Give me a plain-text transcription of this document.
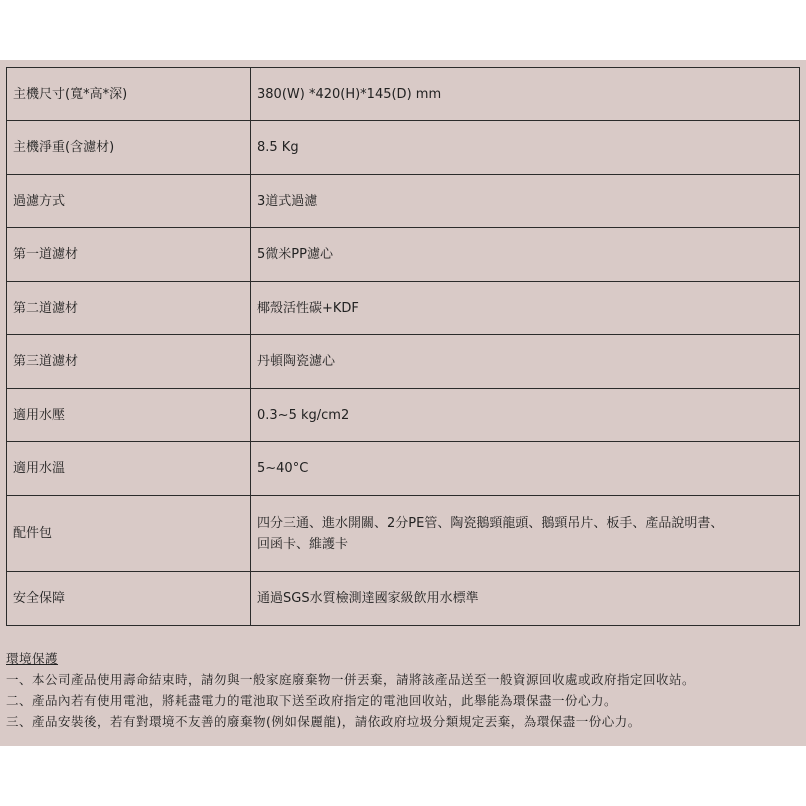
主機尺寸(寬*高*深)	380(W) *420(H)*145(D) mm
主機淨重(含濾材)	8.5 Kg
過濾方式	3道式過濾
第一道濾材	5微米PP濾心
第二道濾材	椰殼活性碳+KDF
第三道濾材	丹頓陶瓷濾心
適用水壓	0.3~5 kg/cm2
適用水溫	5~40°C
配件包	四分三通、進水開關、2分PE管、陶瓷鵝頸龍頭、鵝頸吊片、板手、產品說明書、
回函卡、維護卡

安全保障	通過SGS水質檢測達國家級飲用水標準
環境保護
一、本公司產品使用壽命結束時，請勿與一般家庭廢棄物一併丟棄，請將該產品送至一般資源回收處或政府指定回收站。
二、產品內若有使用電池，將耗盡電力的電池取下送至政府指定的電池回收站，此舉能為環保盡一份心力。
三、產品安裝後，若有對環境不友善的廢棄物(例如保麗龍)，請依政府垃圾分類規定丟棄，為環保盡一份心力。
